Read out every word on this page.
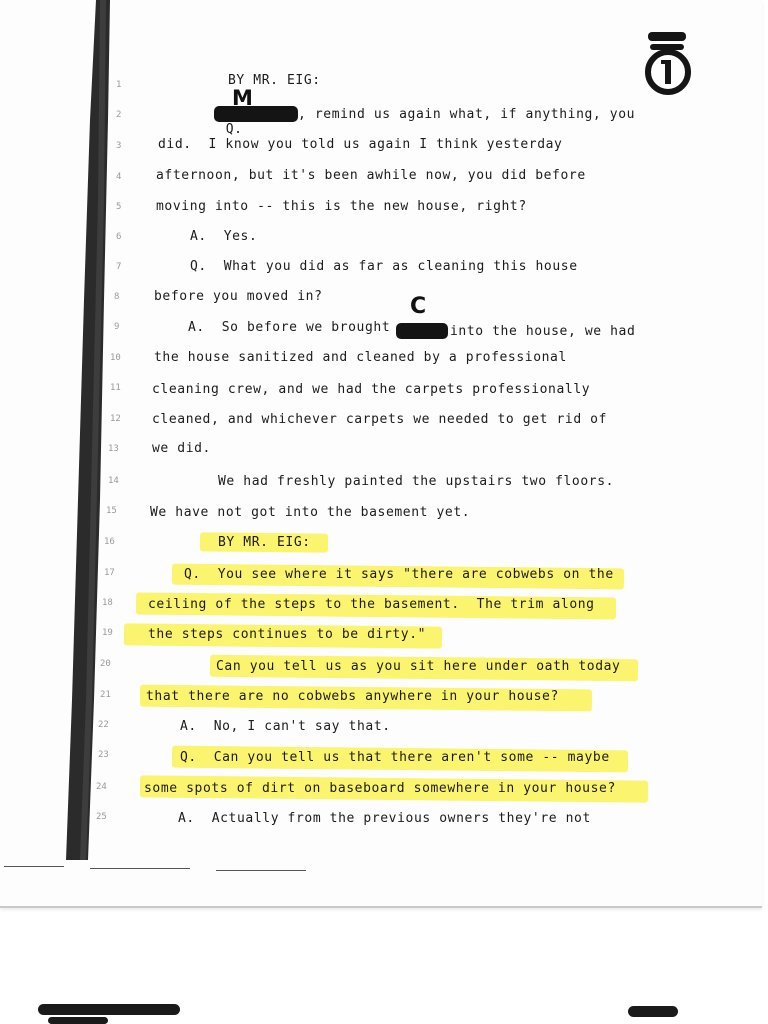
1
2
3
4
5
6
7
8
9
10
11
12
13
14
15
16
17
18
19
20
21
22
23
24
25
BY MR. EIG:

Q.

M
, remind us again what, if anything, you
did.  I know you told us again I think yesterday
afternoon, but it's been awhile now, you did before
moving into -- this is the new house, right?
A.  Yes.
Q.  What you did as far as cleaning this house
before you moved in?
A.  So before we brought
C
into the house, we had
the house sanitized and cleaned by a professional
cleaning crew, and we had the carpets professionally
cleaned, and whichever carpets we needed to get rid of
we did.
We had freshly painted the upstairs two floors.
We have not got into the basement yet.
BY MR. EIG:
Q.  You see where it says "there are cobwebs on the
ceiling of the steps to the basement.  The trim along
the steps continues to be dirty."
Can you tell us as you sit here under oath today
that there are no cobwebs anywhere in your house?
A.  No, I can't say that.
Q.  Can you tell us that there aren't some -- maybe
some spots of dirt on baseboard somewhere in your house?
A.  Actually from the previous owners they're not
